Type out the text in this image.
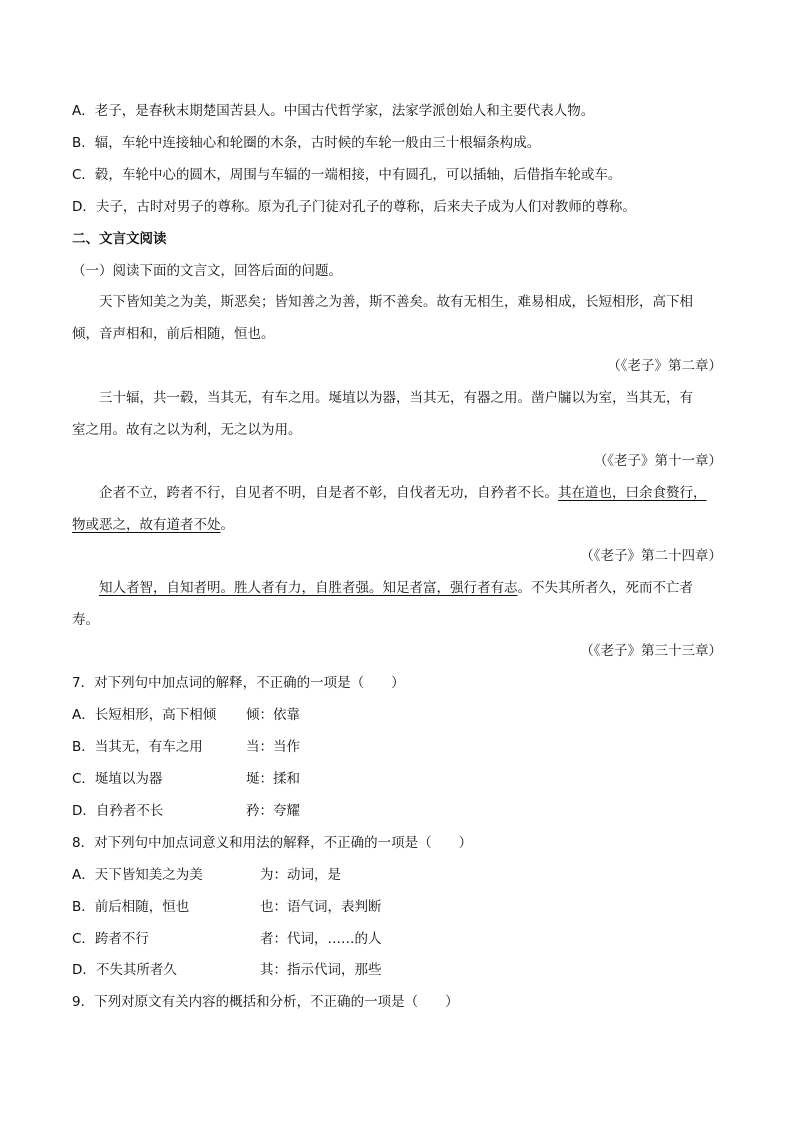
A．老子，是春秋末期楚国苦县人。中国古代哲学家，法家学派创始人和主要代表人物。
B．辐，车轮中连接轴心和轮圈的木条，古时候的车轮一般由三十根辐条构成。
C．毂，车轮中心的圆木，周围与车辐的一端相接，中有圆孔，可以插轴，后借指车轮或车。
D．夫子，古时对男子的尊称。原为孔子门徒对孔子的尊称，后来夫子成为人们对教师的尊称。
二、文言文阅读
（一）阅读下面的文言文，回答后面的问题。
天下皆知美之为美，斯恶矣；皆知善之为善，斯不善矣。故有无相生，难易相成，长短相形，高下相
倾，音声相和，前后相随，恒也。
（《老子》第二章）
三十辐，共一毂，当其无，有车之用。埏埴以为器，当其无，有器之用。凿户牖以为室，当其无，有
室之用。故有之以为利，无之以为用。
（《老子》第十一章）
企者不立，跨者不行，自见者不明，自是者不彰，自伐者无功，自矜者不长。其在道也，曰余食赘行，
物或恶之，故有道者不处。
（《老子》第二十四章）
知人者智，自知者明。胜人者有力，自胜者强。知足者富，强行者有志。不失其所者久，死而不亡者
寿。
（《老子》第三十三章）
7．对下列句中加点词的解释，不正确的一项是（　　）
A．长短相形，高下相倾 倾：依靠
B．当其无，有车之用	当：当作
C．埏埴以为器	埏：揉和
D．自矜者不长	矜：夸耀
8．对下列句中加点词意义和用法的解释，不正确的一项是（　　）
A．天下皆知美之为美	为：动词，是
B．前后相随，恒也	也：语气词，表判断
C．跨者不行	者：代词，……的人
D．不失其所者久	其：指示代词，那些
9．下列对原文有关内容的概括和分析，不正确的一项是（　　）
